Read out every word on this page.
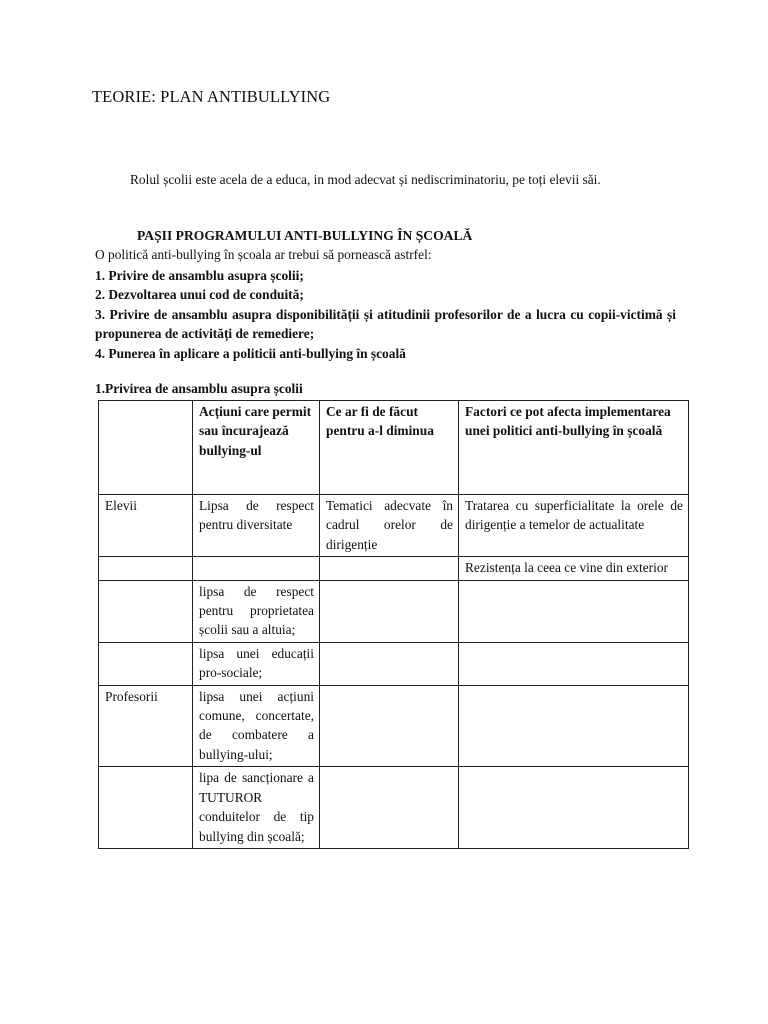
TEORIE: PLAN ANTIBULLYING
Rolul școlii este acela de a educa, in mod adecvat și nediscriminatoriu, pe toți elevii săi.
PAȘII PROGRAMULUI ANTI-BULLYING ÎN ȘCOALĂ
O politică anti-bullying în școala ar trebui să pornească astrfel:

1. Privire de ansamblu asupra școlii;

2. Dezvoltarea unui cod de conduită;

3. Privire de ansamblu asupra disponibilității și atitudinii profesorilor de a lucra cu copii-victimă și propunerea de activități de remediere;

4. Punerea în aplicare a politicii anti-bullying în școală

1.Privirea de ansamblu asupra școlii
	Acțiuni care permit sau încurajează bullying-ul	Ce ar fi de făcut pentru a-l diminua	Factori ce pot afecta implementarea unei politici anti-bullying în școală
Elevii	Lipsa de respect pentru diversitate	Tematici adecvate în cadrul orelor de dirigenție	Tratarea cu superficialitate la orele de dirigenție a temelor de actualitate
			Rezistența la ceea ce vine din exterior
	lipsa de respect pentru proprietatea școlii sau a altuia;		
	lipsa unei educații pro-sociale;		
Profesorii	lipsa unei acțiuni comune, concertate, de combatere a bullying-ului;		
	lipa de sancționare a TUTUROR conduitelor de tip bullying din școală;		
